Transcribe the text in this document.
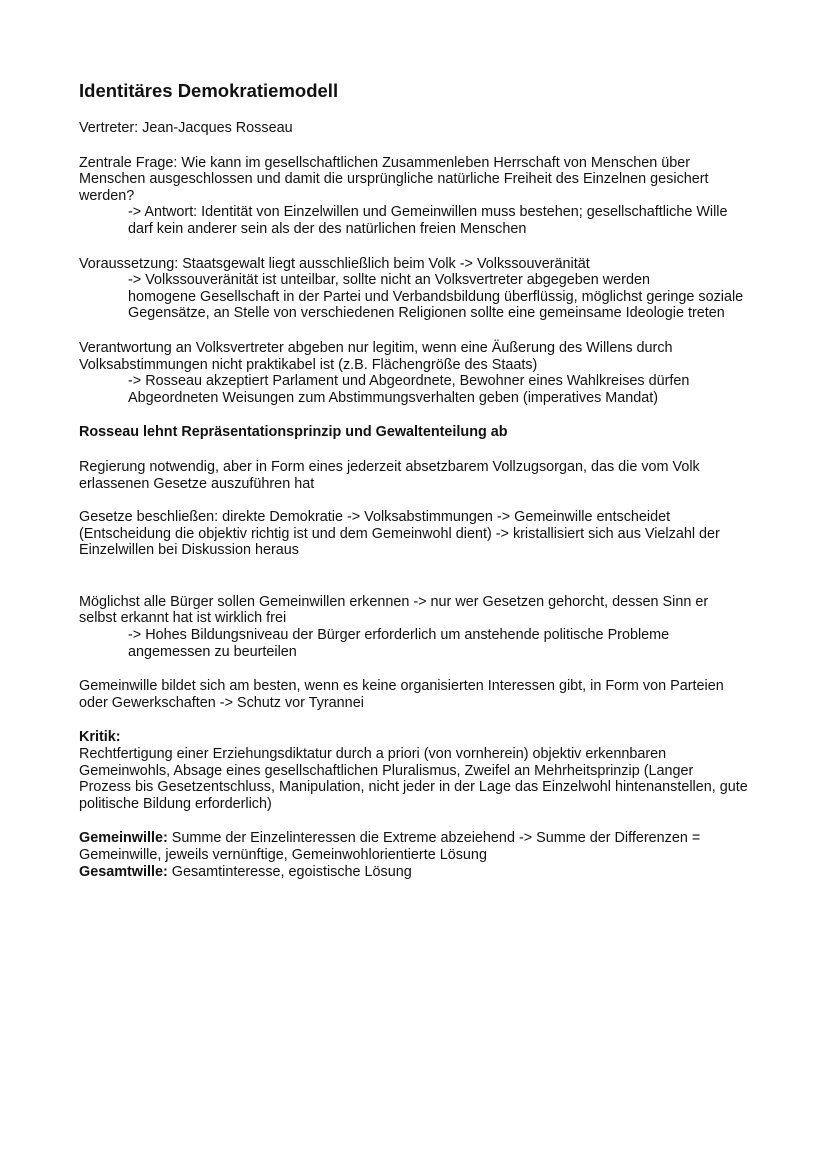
Identitäres Demokratiemodell

Vertreter: Jean-Jacques Rosseau

Zentrale Frage: Wie kann im gesellschaftlichen Zusammenleben Herrschaft von Menschen über Menschen ausgeschlossen und damit die ursprüngliche natürliche Freiheit des Einzelnen gesichert werden?

-> Antwort: Identität von Einzelwillen und Gemeinwillen muss bestehen; gesellschaftliche Wille darf kein anderer sein als der des natürlichen freien Menschen

Voraussetzung: Staatsgewalt liegt ausschließlich beim Volk -> Volkssouveränität

-> Volkssouveränität ist unteilbar, sollte nicht an Volksvertreter abgegeben werden

homogene Gesellschaft in der Partei und Verbandsbildung überflüssig, möglichst geringe soziale Gegensätze, an Stelle von verschiedenen Religionen sollte eine gemeinsame Ideologie treten

Verantwortung an Volksvertreter abgeben nur legitim, wenn eine Äußerung des Willens durch Volksabstimmungen nicht praktikabel ist (z.B. Flächengröße des Staats)

-> Rosseau akzeptiert Parlament und Abgeordnete, Bewohner eines Wahlkreises dürfen Abgeordneten Weisungen zum Abstimmungsverhalten geben (imperatives Mandat)

Rosseau lehnt Repräsentationsprinzip und Gewaltenteilung ab

Regierung notwendig, aber in Form eines jederzeit absetzbarem Vollzugsorgan, das die vom Volk erlassenen Gesetze auszuführen hat

Gesetze beschließen: direkte Demokratie -> Volksabstimmungen -> Gemeinwille entscheidet (Entscheidung die objektiv richtig ist und dem Gemeinwohl dient) -> kristallisiert sich aus Vielzahl der Einzelwillen bei Diskussion heraus

Möglichst alle Bürger sollen Gemeinwillen erkennen -> nur wer Gesetzen gehorcht, dessen Sinn er selbst erkannt hat ist wirklich frei

-> Hohes Bildungsniveau der Bürger erforderlich um anstehende politische Probleme angemessen zu beurteilen

Gemeinwille bildet sich am besten, wenn es keine organisierten Interessen gibt, in Form von Parteien oder Gewerkschaften -> Schutz vor Tyrannei

Kritik:

Rechtfertigung einer Erziehungsdiktatur durch a priori (von vornherein) objektiv erkennbaren Gemeinwohls, Absage eines gesellschaftlichen Pluralismus, Zweifel an Mehrheitsprinzip (Langer Prozess bis Gesetzentschluss, Manipulation, nicht jeder in der Lage das Einzelwohl hintenanstellen, gute politische Bildung erforderlich)

Gemeinwille: Summe der Einzelinteressen die Extreme abzeiehend -> Summe der Differenzen = Gemeinwille, jeweils vernünftige, Gemeinwohlorientierte Lösung

Gesamtwille: Gesamtinteresse, egoistische Lösung
